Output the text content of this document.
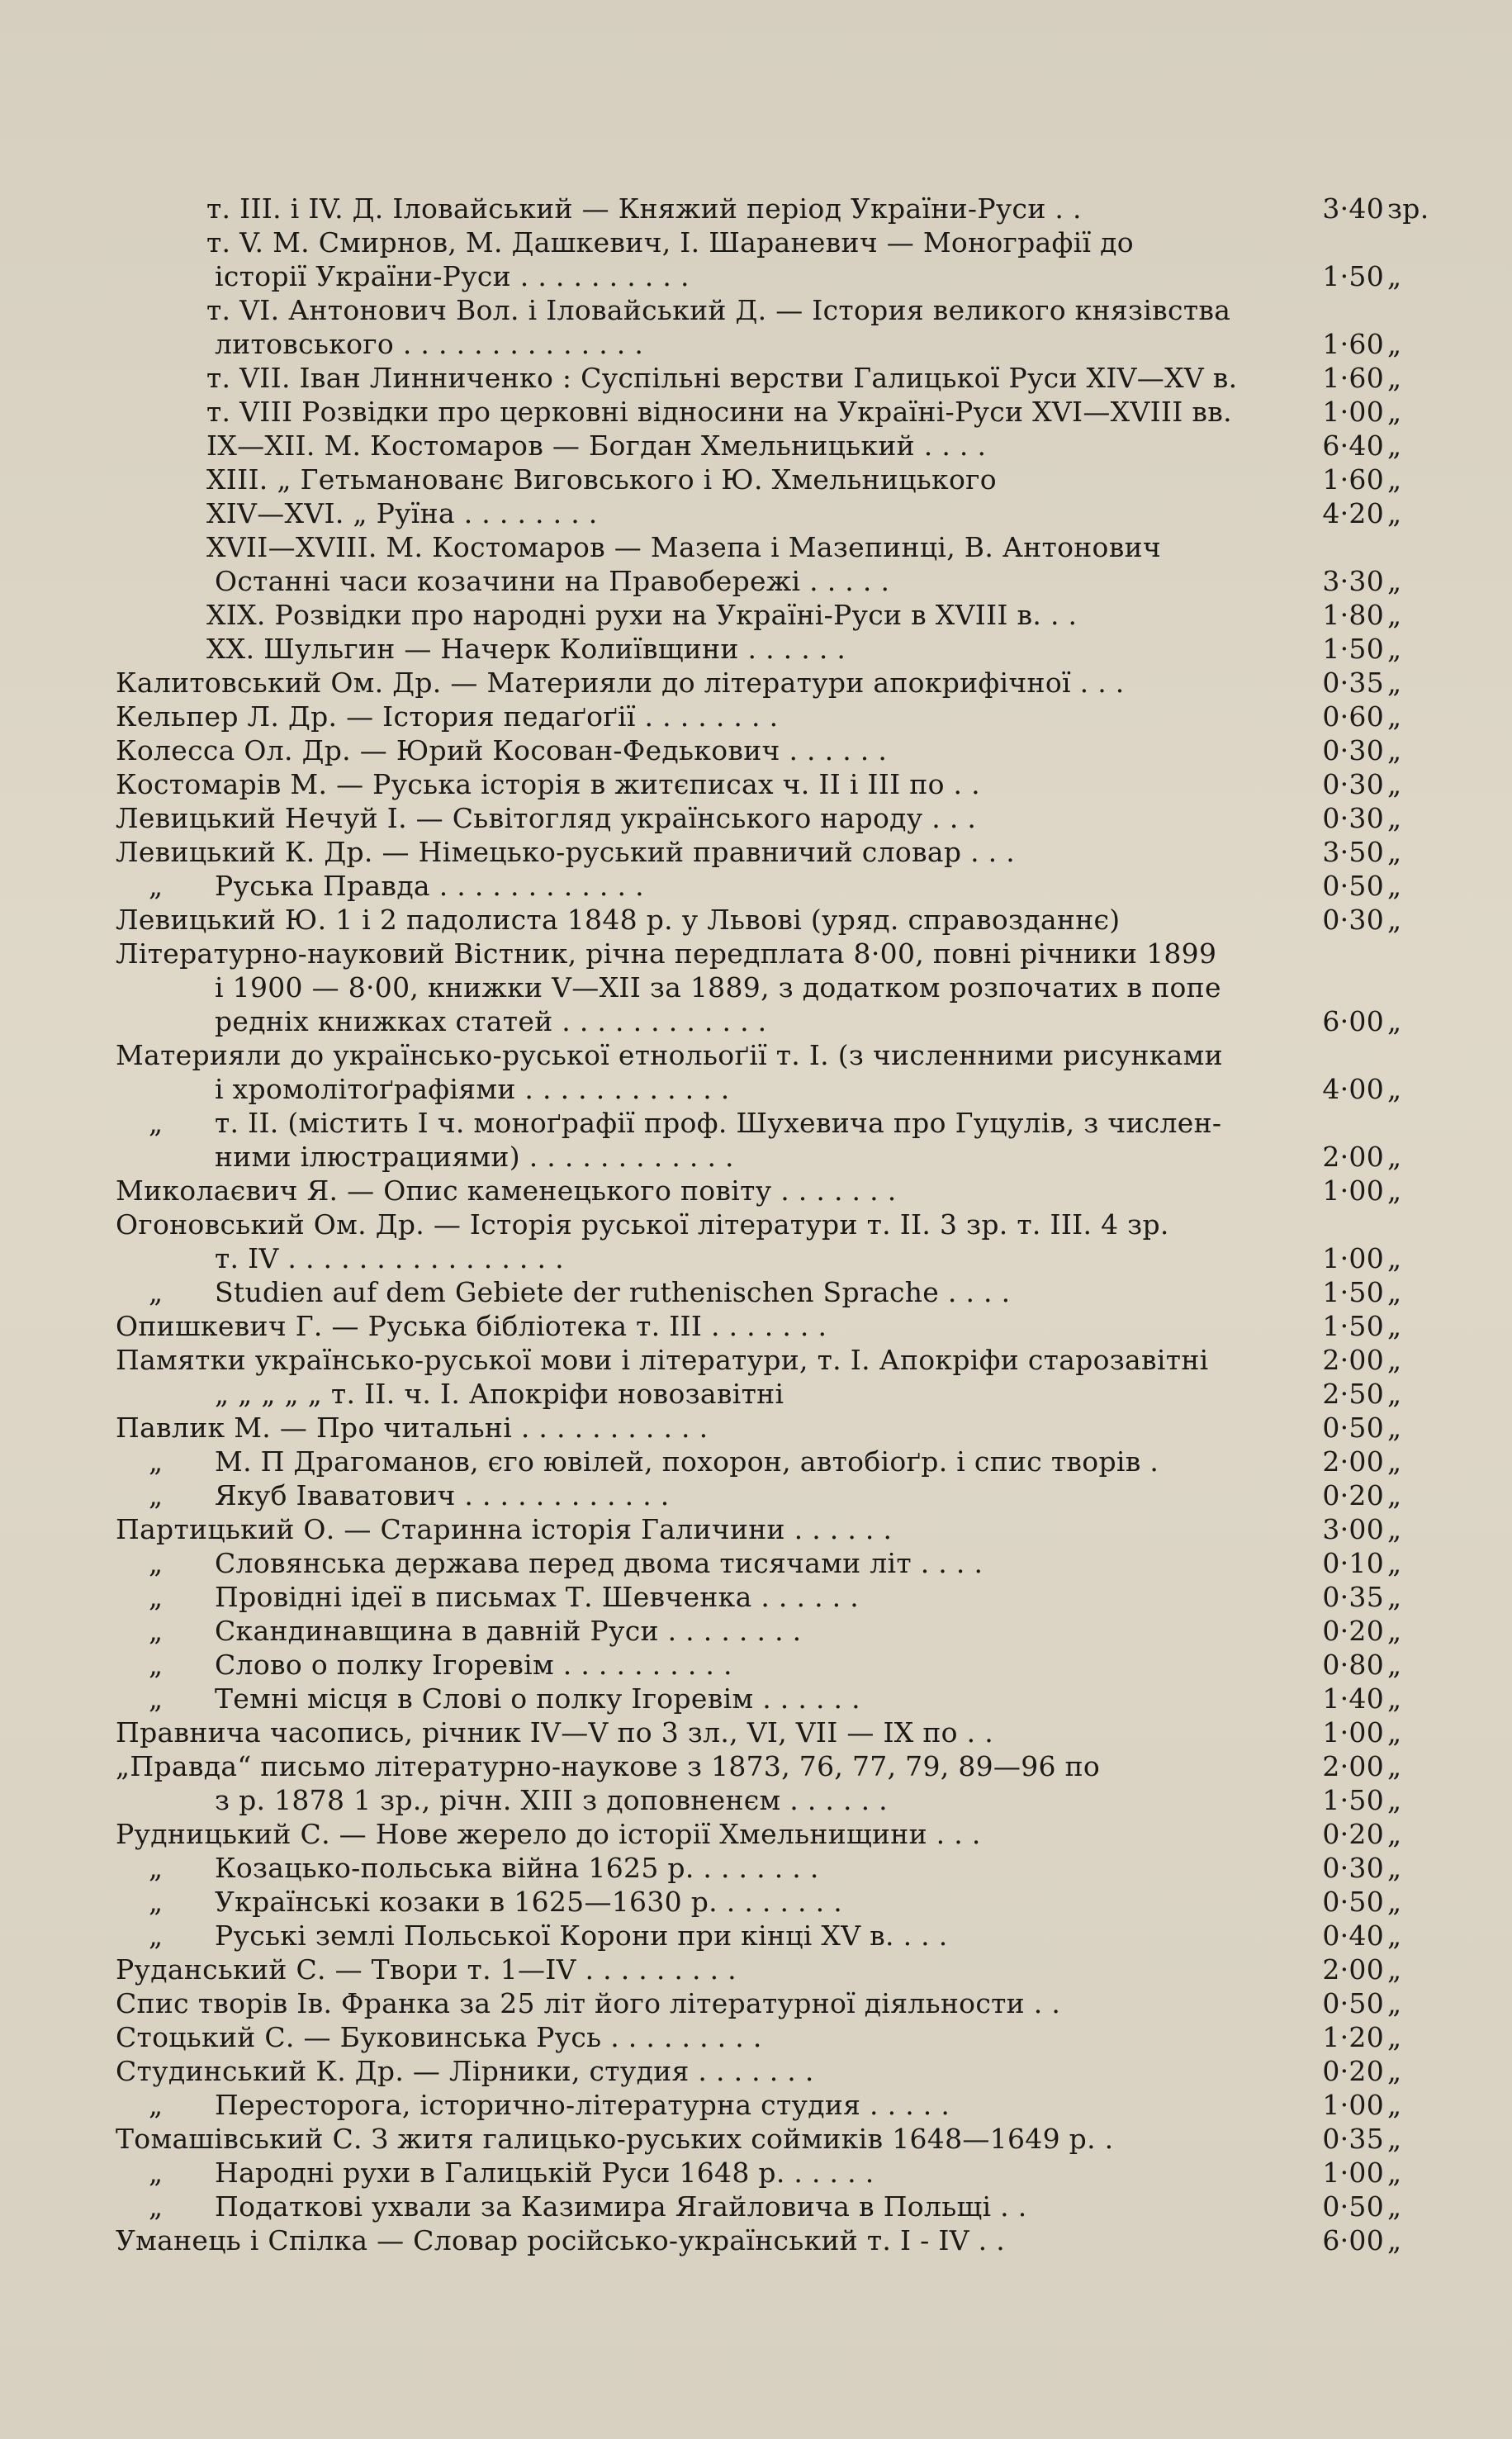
т. III. і IV. Д. Іловайський — Княжий період України-Руси . .	3·40 зр.
т. V. М. Смирнов, М. Дашкевич, І. Шараневич — Монографії до
історії України-Руси . . . . . . . . . .	1·50 „
т. VI. Антонович Вол. і Іловайський Д. — Істория великого князівства
литовського . . . . . . . . . . . . . .	1·60 „
т. VII. Іван Линниченко : Суспільні верстви Галицької Руси XIV—XV в.	1·60 „
т. VIII Розвідки про церковні відносини на Україні-Руси XVI—XVIII вв.	1·00 „
IX—XII. М. Костомаров — Богдан Хмельницький . . . .	6·40 „
XIII. „ Гетьманованє Виговського і Ю. Хмельницького	1·60 „
XIV—XVI. „ Руїна . . . . . . . .	4·20 „
XVII—XVIII. М. Костомаров — Мазепа і Мазепинці, В. Антонович
Останні часи козачини на Правобережі . . . . .	3·30 „
XIX. Розвідки про народні рухи на Україні-Руси в XVIII в. . .	1·80 „
XX. Шульгин — Начерк Колиївщини . . . . . .	1·50 „
Калитовський Ом. Др. — Материяли до літератури апокрифічної . . .	0·35 „
Кельпер Л. Др. — Істория педаґоґії . . . . . . . .	0·60 „
Колесса Ол. Др. — Юрий Косован-Федькович . . . . . .	0·30 „
Костомарів М. — Руська історія в житєписах ч. II і III по . .	0·30 „
Левицький Нечуй І. — Сьвітогляд українського народу . . .	0·30 „
Левицький К. Др. — Німецько-руський правничий словар . . .	3·50 „
„ Руська Правда . . . . . . . . . . . .	0·50 „
Левицький Ю. 1 і 2 падолиста 1848 р. у Львові (уряд. справозданнє)	0·30 „
Літературно-науковий Вістник, річна передплата 8·00, повні річники 1899
і 1900 — 8·00, книжки V—XII за 1889, з додатком розпочатих в попе
редніх книжках статей . . . . . . . . . . . .	6·00 „
Материяли до українсько-руської етнольоґії т. I. (з численними рисунками
і хромолітоґрафіями . . . . . . . . . . . .	4·00 „
„ т. II. (містить I ч. моноґрафії проф. Шухевича про Гуцулів, з числен-
ними ілюстрациями) . . . . . . . . . . . .	2·00 „
Миколаєвич Я. — Опис каменецького повіту . . . . . . .	1·00 „
Огоновський Ом. Др. — Історія руської літератури т. II. 3 зр. т. III. 4 зр.
т. IV . . . . . . . . . . . . . . . .	1·00 „
„ Studien auf dem Gebiete der ruthenischen Sprache . . . .	1·50 „
Опишкевич Г. — Руська бібліотека т. III . . . . . . .	1·50 „
Памятки українсько-руської мови і літератури, т. I. Апокріфи старозавітні	2·00 „
„ „ „ „ „ т. II. ч. I. Апокріфи новозавітні	2·50 „
Павлик М. — Про читальні . . . . . . . . . . .	0·50 „
„ М. П Драгоманов, єго ювілей, похорон, автобіоґр. і спис творів .	2·00 „
„ Якуб Іваватович . . . . . . . . . . . .	0·20 „
Партицький О. — Старинна історія Галичини . . . . . .	3·00 „
„ Словянська держава перед двома тисячами літ . . . .	0·10 „
„ Провідні ідеї в письмах Т. Шевченка . . . . . .	0·35 „
„ Скандинавщина в давній Руси . . . . . . . .	0·20 „
„ Слово о полку Ігоревім . . . . . . . . . .	0·80 „
„ Темні місця в Слові о полку Ігоревім . . . . . .	1·40 „
Правнича часопись, річник IV—V по 3 зл., VI, VII — IX по . .	1·00 „
„Правда“ письмо літературно-наукове з 1873, 76, 77, 79, 89—96 по	2·00 „
з р. 1878 1 зр., річн. XIII з доповненєм . . . . . .	1·50 „
Рудницький С. — Нове жерело до історії Хмельнищини . . .	0·20 „
„ Козацько-польська війна 1625 р. . . . . . . .	0·30 „
„ Українські козаки в 1625—1630 р. . . . . . . .	0·50 „
„ Руські землі Польської Корони при кінці XV в. . . .	0·40 „
Руданський С. — Твори т. 1—IV . . . . . . . . .	2·00 „
Спис творів Ів. Франка за 25 літ його літературної діяльности . .	0·50 „
Стоцький С. — Буковинська Русь . . . . . . . . .	1·20 „
Студинський К. Др. — Лірники, студия . . . . . . .	0·20 „
„ Пересторога, історично-літературна студия . . . . .	1·00 „
Томашівський С. З житя галицько-руських соймиків 1648—1649 р. .	0·35 „
„ Народні рухи в Галицькій Руси 1648 р. . . . . .	1·00 „
„ Податкові ухвали за Казимира Ягайловича в Польщі . .	0·50 „
Уманець і Спілка — Словар російсько-український т. I - IV . .	6·00 „
